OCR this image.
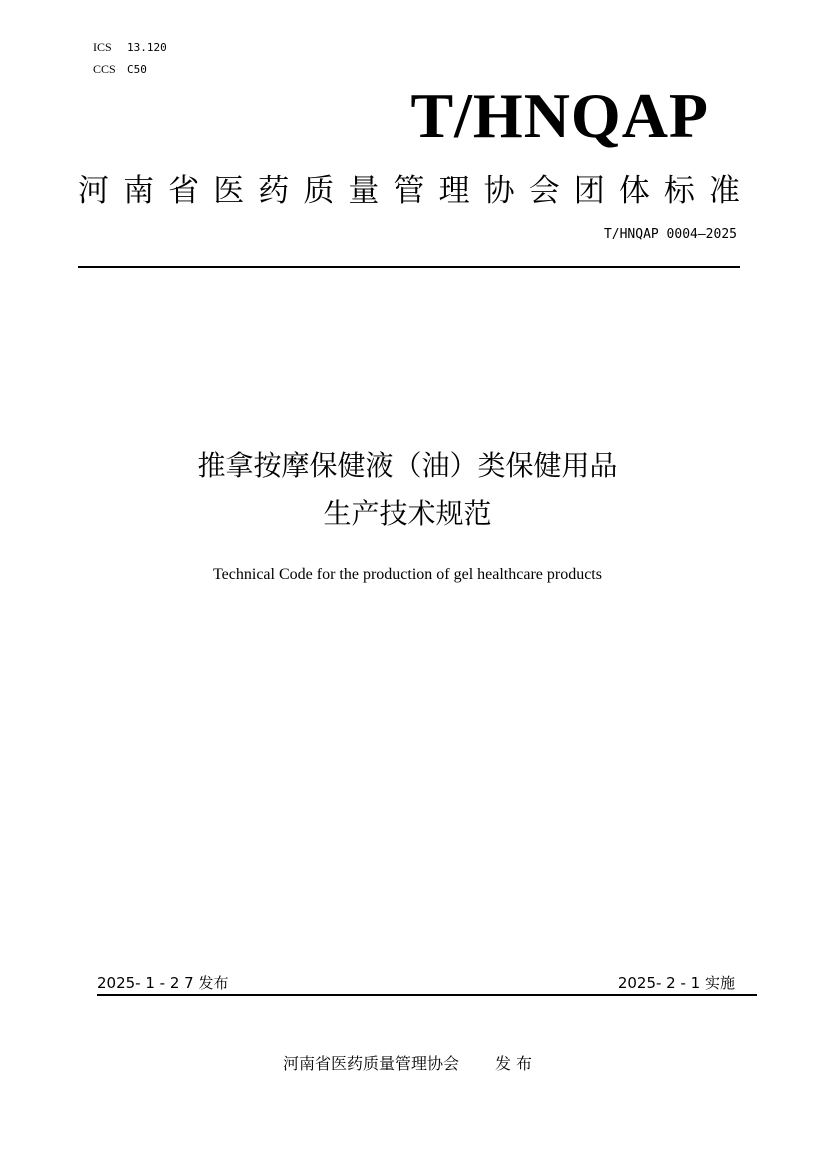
ICS 13.120
CCS C50
T/HNQAP
河 南 省 医 药 质 量 管 理 协 会 团 体 标 准
T/HNQAP 0004—2025
推拿按摩保健液（油）类保健用品
生产技术规范
Technical Code for the production of gel healthcare products
2025- 1 - 2 7 发布	2025- 2 - 1 实施
河南省医药质量管理协会 发 布
